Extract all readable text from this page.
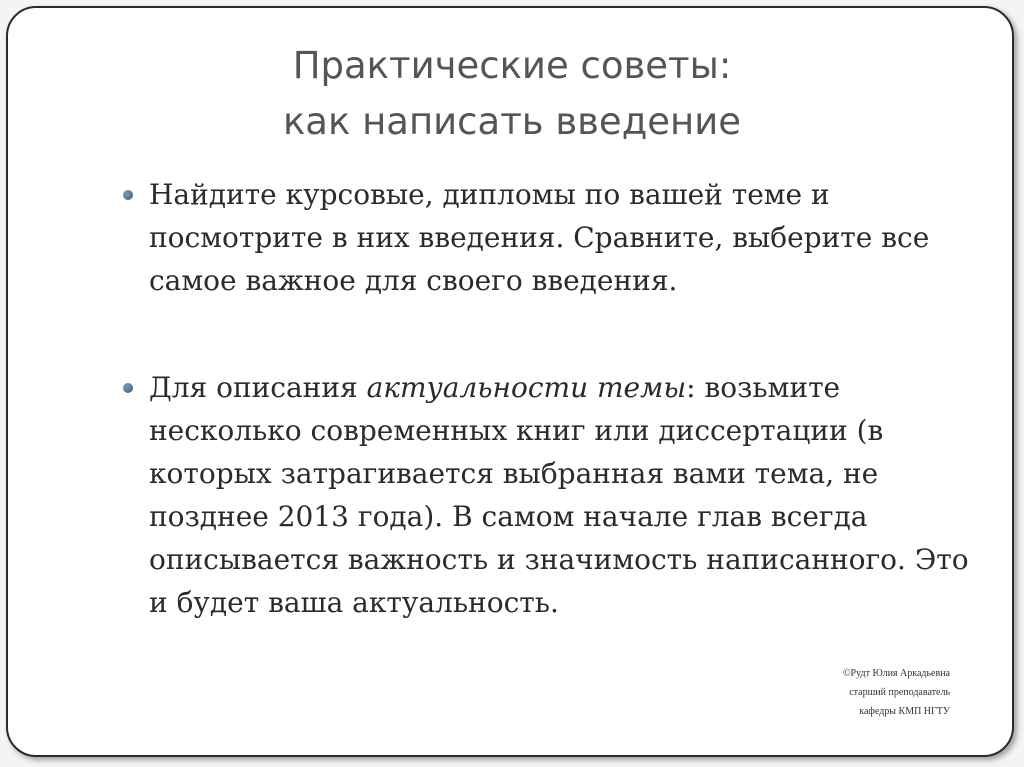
Практические советы:
как написать введение
Найдите курсовые, дипломы по вашей теме и посмотрите в них введения. Сравните, выберите все самое важное для своего введения.
Для описания актуальности темы: возьмите несколько современных книг или диссертации (в которых затрагивается выбранная вами тема, не позднее 2013 года). В самом начале глав всегда описывается важность и значимость написанного. Это и будет ваша актуальность.
©Рудт Юлия Аркадьевна
старший преподаватель
кафедры КМП НГТУ
